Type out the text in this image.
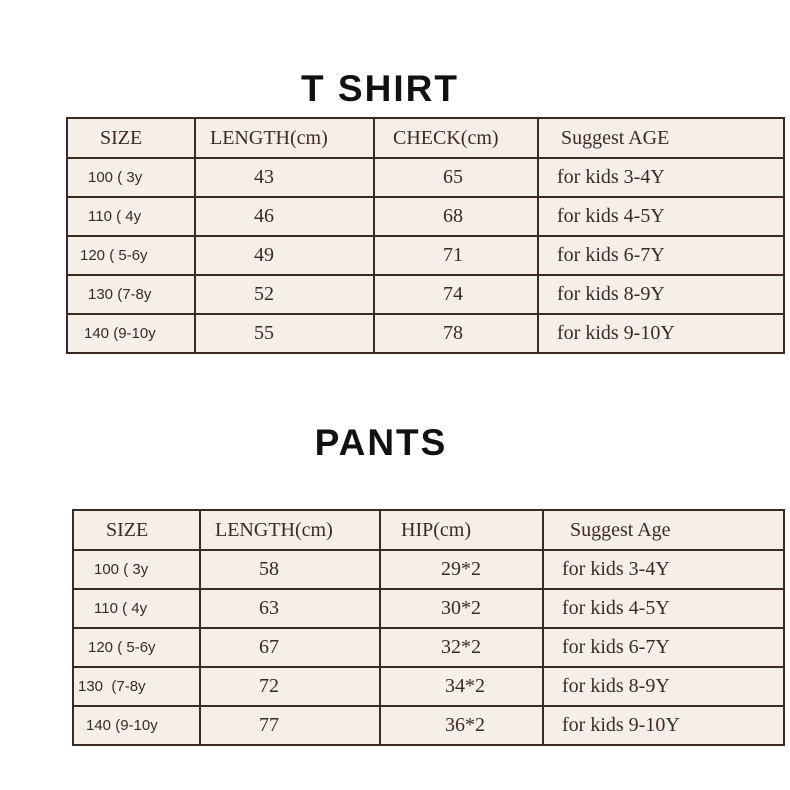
T SHIRT
SIZE	LENGTH(cm)	CHECK(cm)	Suggest AGE
100 ( 3y	43	65	for kids 3-4Y
110 ( 4y	46	68	for kids 4-5Y
120 ( 5-6y	49	71	for kids 6-7Y
130 (7-8y	52	74	for kids 8-9Y
140 (9-10y	55	78	for kids 9-10Y
PANTS
SIZE	LENGTH(cm)	HIP(cm)	Suggest Age
100 ( 3y	58	29*2	for kids 3-4Y
110 ( 4y	63	30*2	for kids 4-5Y
120 ( 5-6y	67	32*2	for kids 6-7Y
130  (7-8y	72	34*2	for kids 8-9Y
140 (9-10y	77	36*2	for kids 9-10Y
